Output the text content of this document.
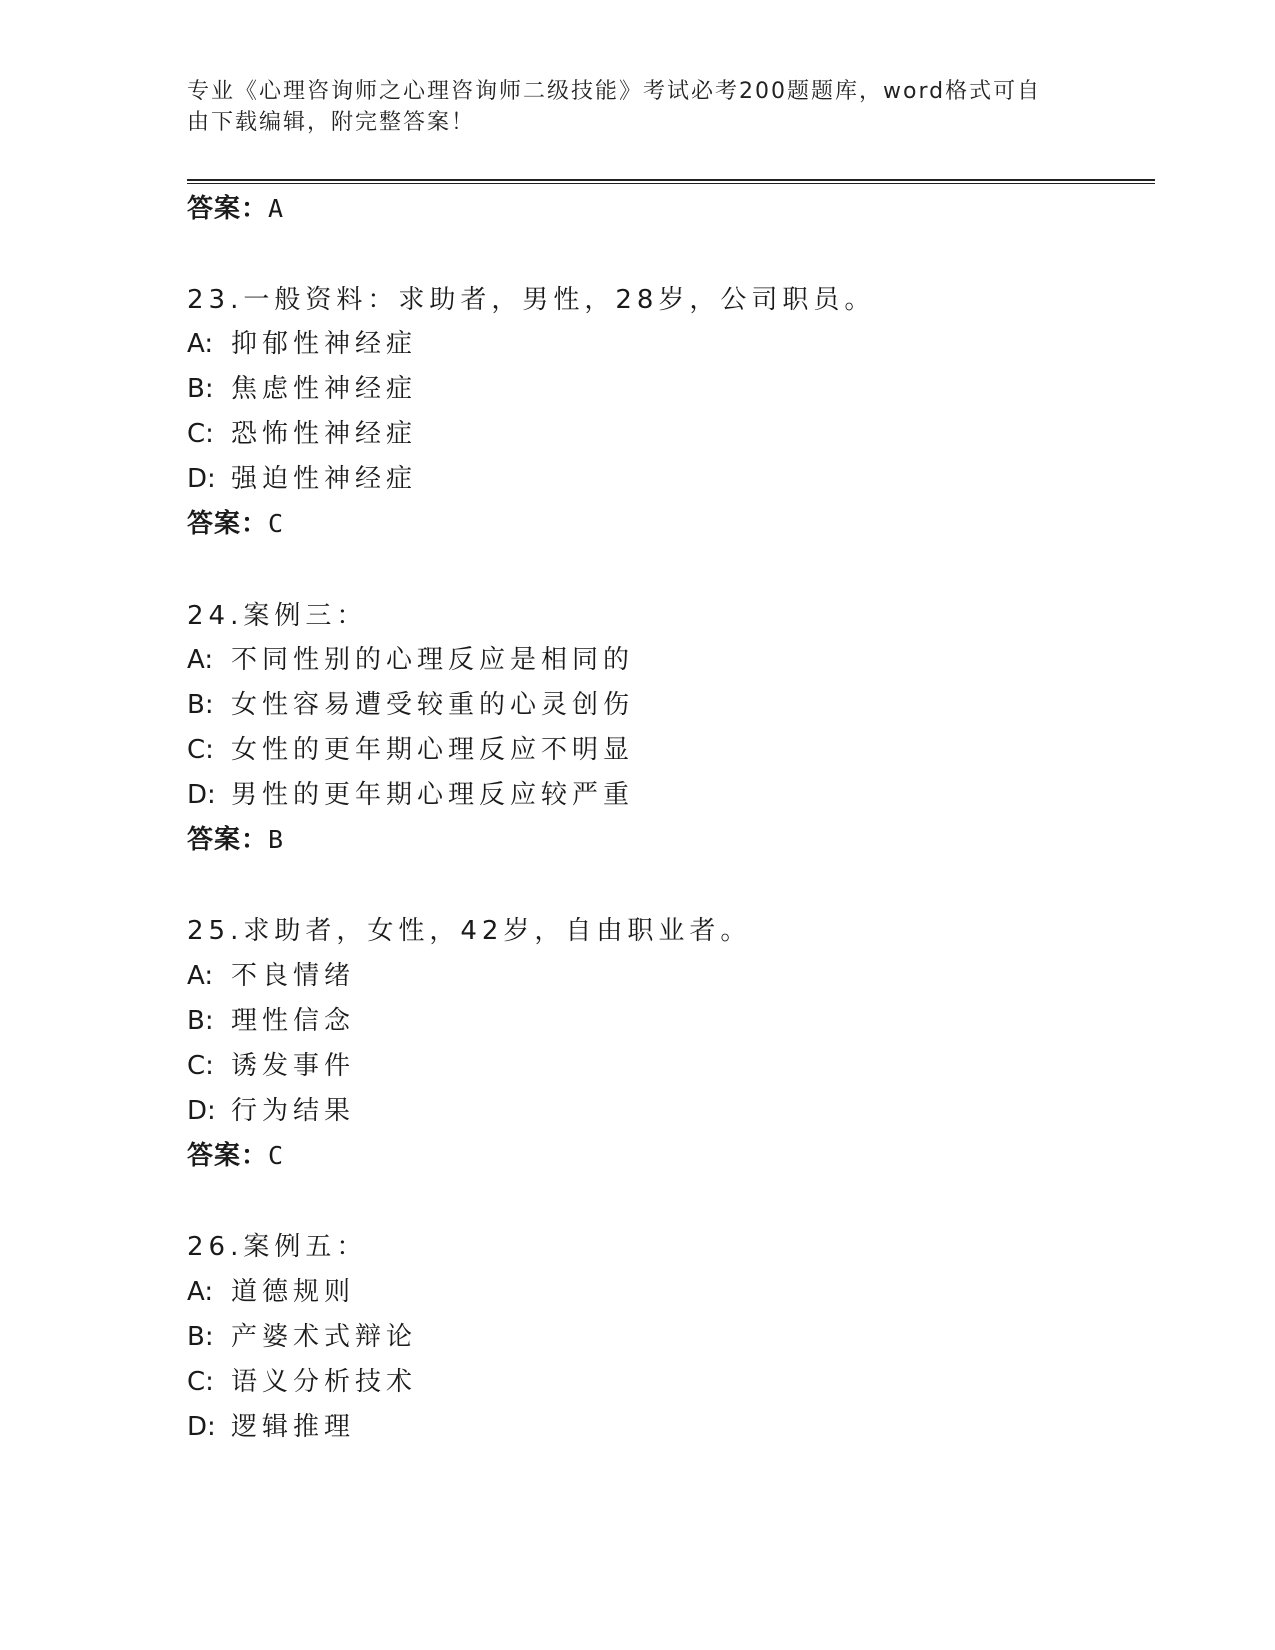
专业《心理咨询师之心理咨询师二级技能》考试必考200题题库，word格式可自
由下载编辑，附完整答案！
答案：A
23.一般资料：求助者，男性，28岁，公司职员。
A: 抑郁性神经症
B: 焦虑性神经症
C: 恐怖性神经症
D: 强迫性神经症
答案：C
24.案例三：
A: 不同性别的心理反应是相同的
B: 女性容易遭受较重的心灵创伤
C: 女性的更年期心理反应不明显
D: 男性的更年期心理反应较严重
答案：B
25.求助者，女性，42岁，自由职业者。
A: 不良情绪
B: 理性信念
C: 诱发事件
D: 行为结果
答案：C
26.案例五：
A: 道德规则
B: 产婆术式辩论
C: 语义分析技术
D: 逻辑推理
